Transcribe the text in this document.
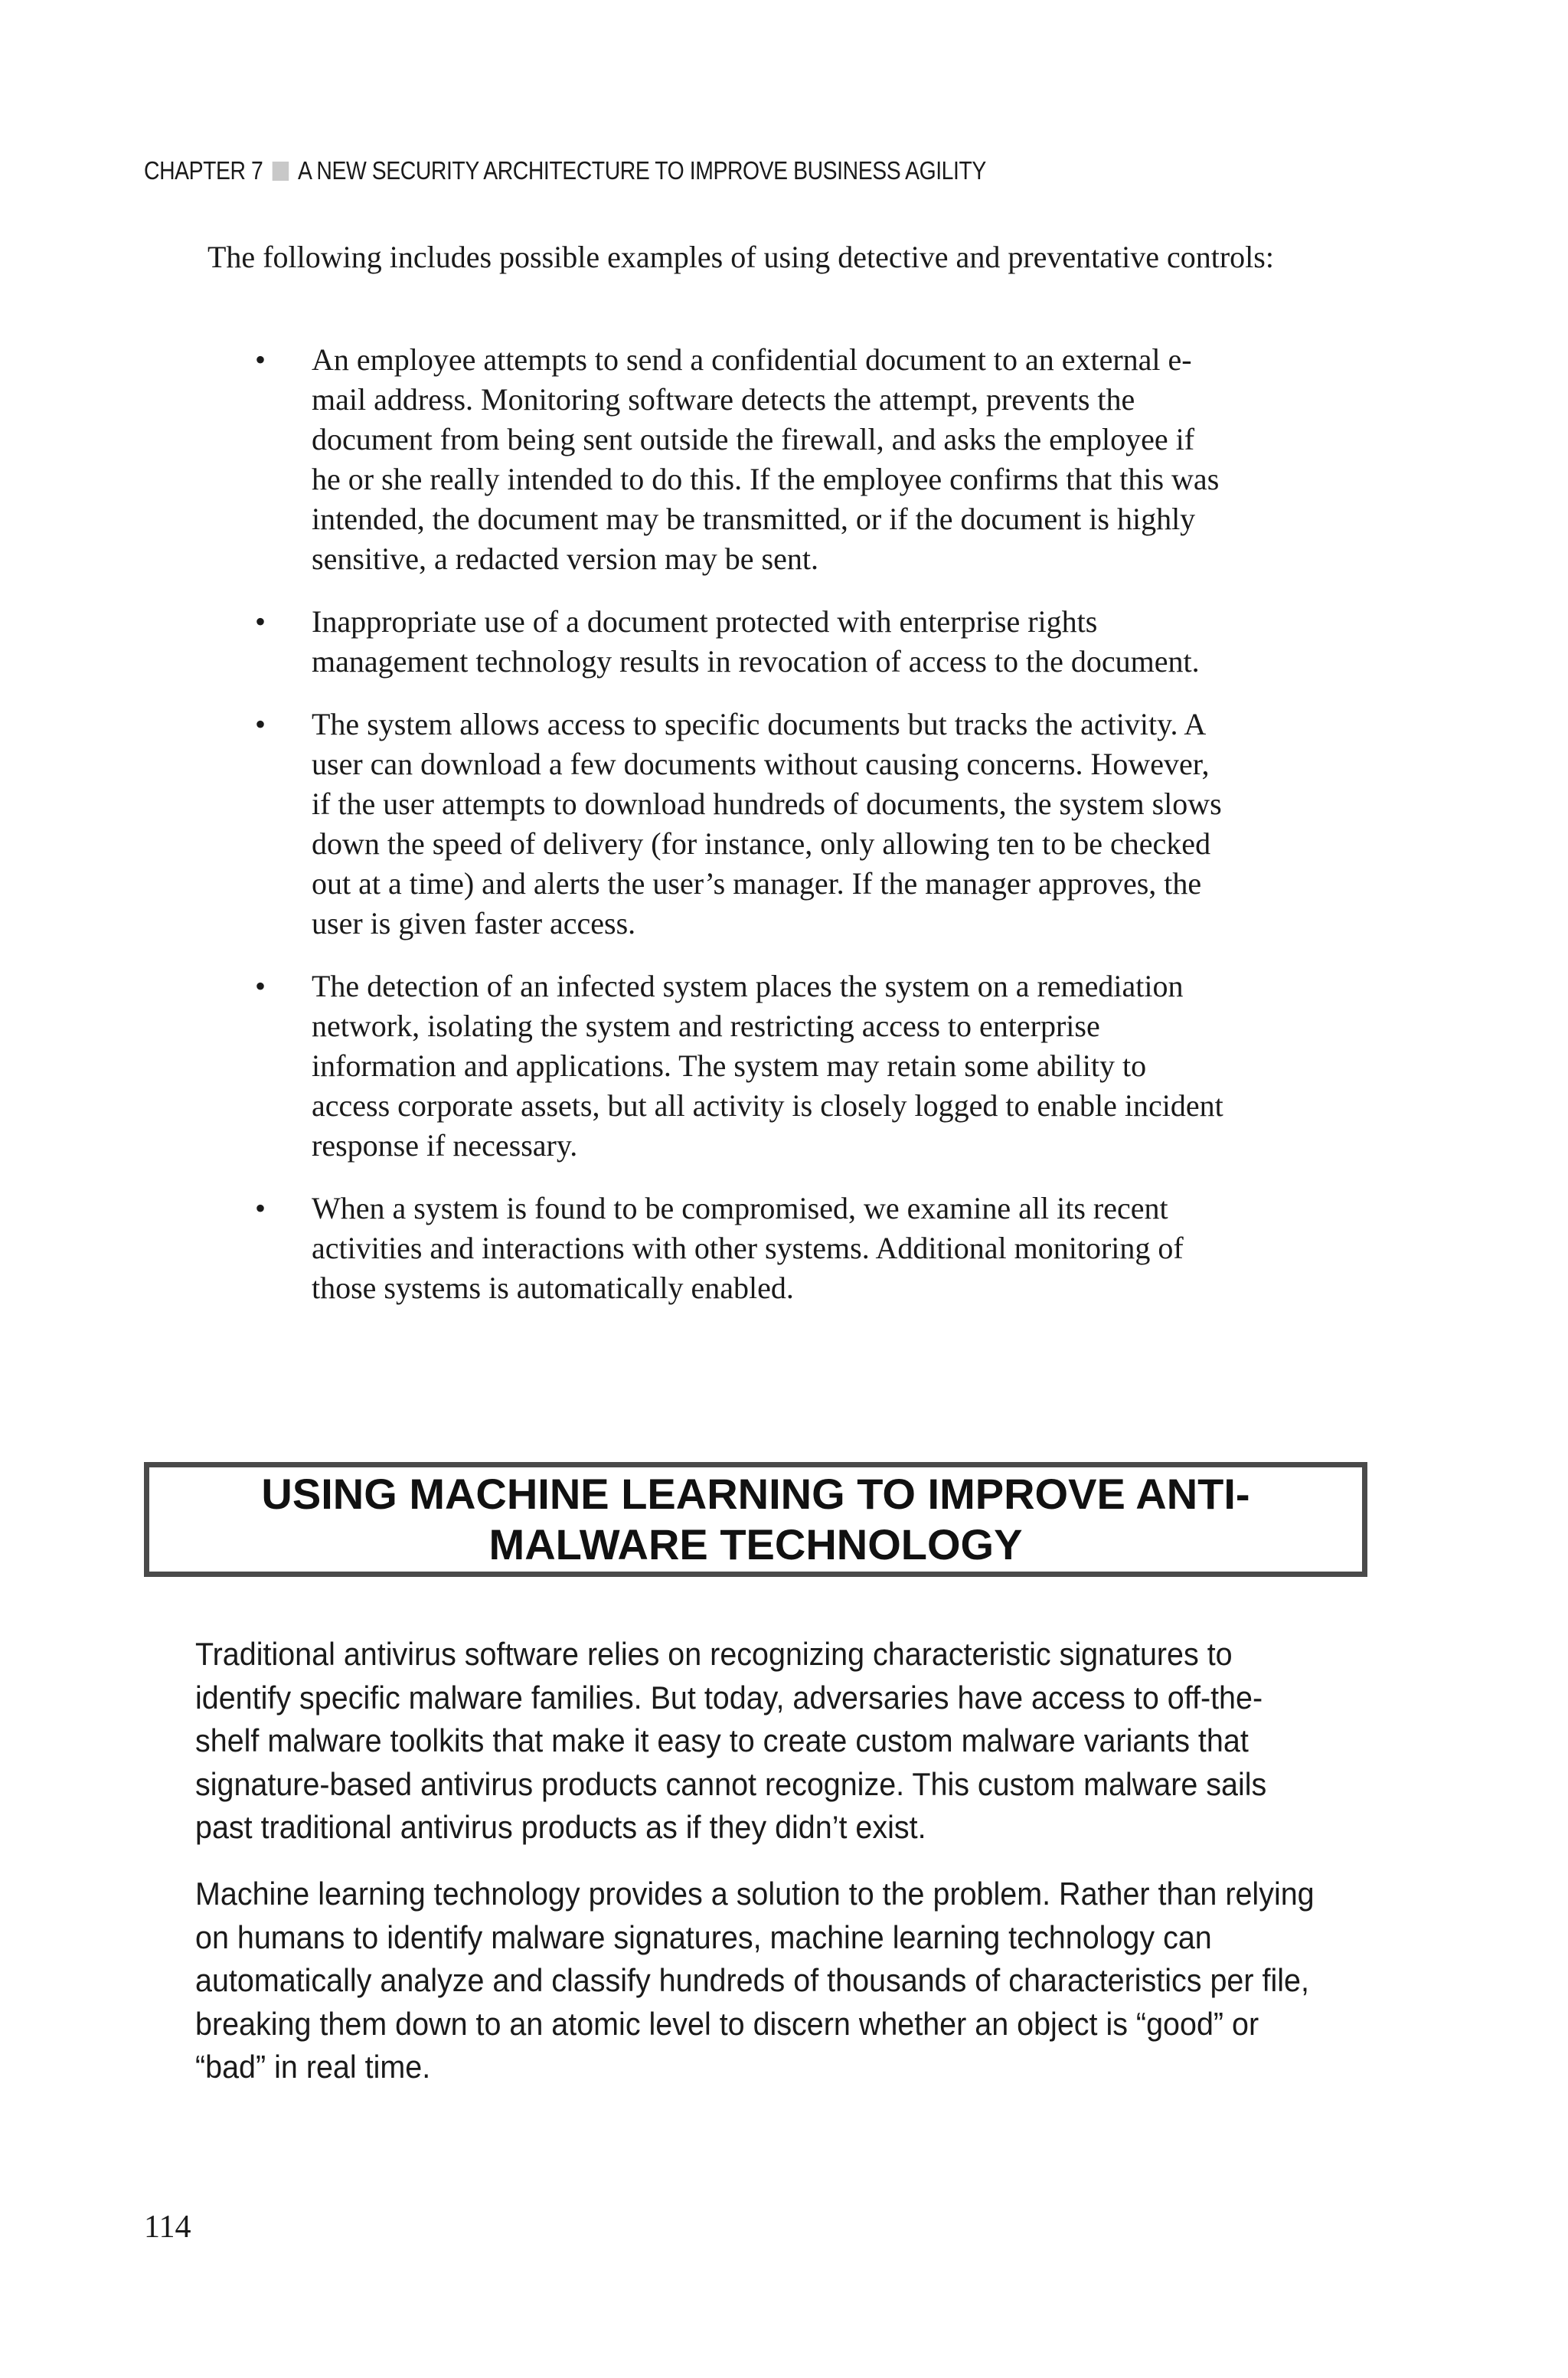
CHAPTER 7 A NEW SECURITY ARCHITECTURE TO IMPROVE BUSINESS AGILITY

The following includes possible examples of using detective and preventative controls:

• An employee attempts to send a confidential document to an external e-mail address. Monitoring software detects the attempt, prevents the document from being sent outside the firewall, and asks the employee if he or she really intended to do this. If the employee confirms that this was intended, the document may be transmitted, or if the document is highly sensitive, a redacted version may be sent.
• Inappropriate use of a document protected with enterprise rights management technology results in revocation of access to the document.
• The system allows access to specific documents but tracks the activity. A user can download a few documents without causing concerns. However, if the user attempts to download hundreds of documents, the system slows down the speed of delivery (for instance, only allowing ten to be checked out at a time) and alerts the user’s manager. If the manager approves, the user is given faster access.
• The detection of an infected system places the system on a remediation network, isolating the system and restricting access to enterprise information and applications. The system may retain some ability to access corporate assets, but all activity is closely logged to enable incident response if necessary.
• When a system is found to be compromised, we examine all its recent activities and interactions with other systems. Additional monitoring of those systems is automatically enabled.
USING MACHINE LEARNING TO IMPROVE ANTI-MALWARE TECHNOLOGY

Traditional antivirus software relies on recognizing characteristic signatures to identify specific malware families. But today, adversaries have access to off-the-shelf malware toolkits that make it easy to create custom malware variants that signature-based antivirus products cannot recognize. This custom malware sails past traditional antivirus products as if they didn’t exist.

Machine learning technology provides a solution to the problem. Rather than relying on humans to identify malware signatures, machine learning technology can automatically analyze and classify hundreds of thousands of characteristics per file, breaking them down to an atomic level to discern whether an object is “good” or “bad” in real time.

114
